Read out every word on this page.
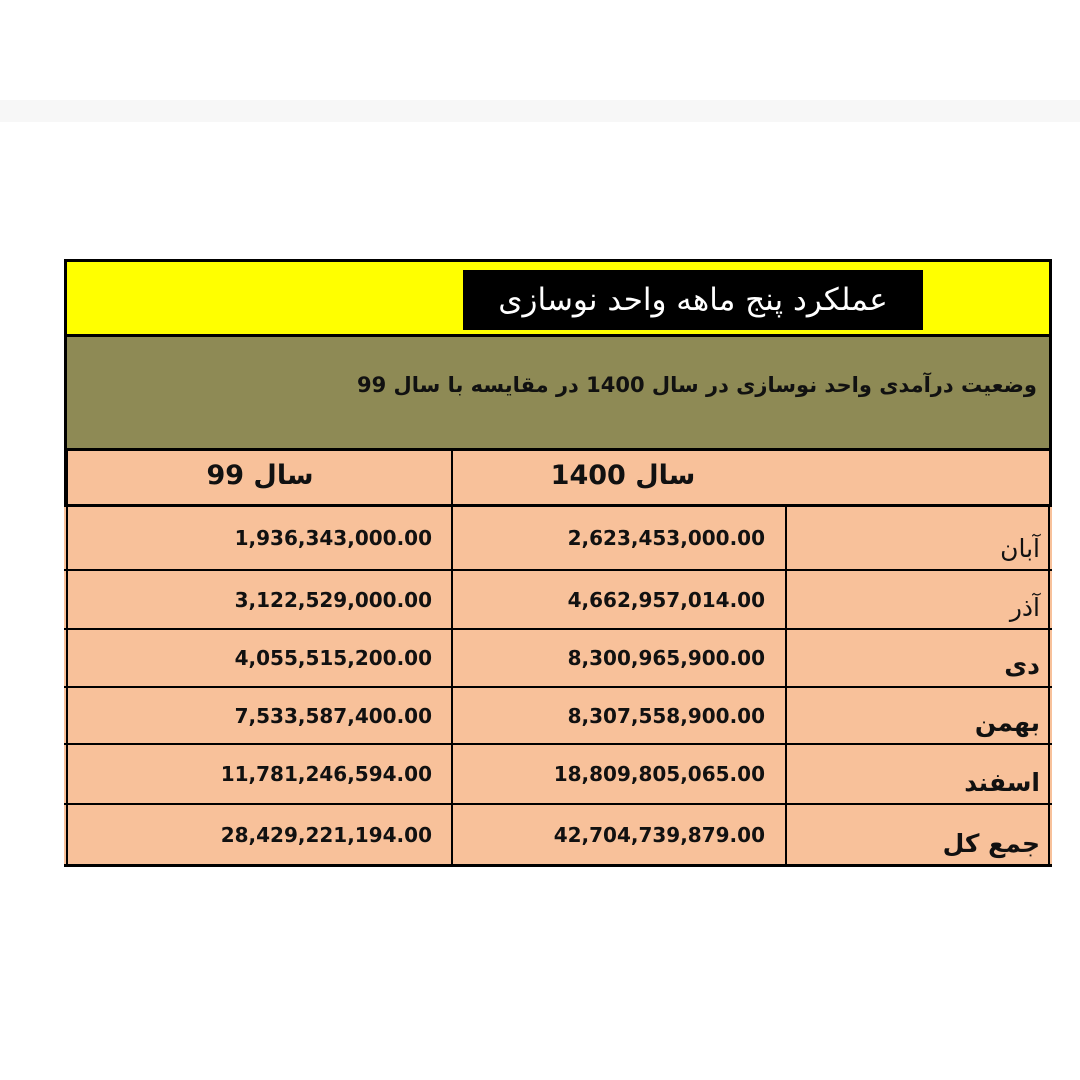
عملکرد پنج ماهه واحد نوسازی
وضعیت درآمدی واحد نوسازی در سال 1400 در مقایسه با سال 99
سال 99	سال 1400
1,936,343,000.00	2,623,453,000.00	آبان
3,122,529,000.00	4,662,957,014.00	آذر
4,055,515,200.00	8,300,965,900.00	دی
7,533,587,400.00	8,307,558,900.00	بهمن
11,781,246,594.00	18,809,805,065.00	اسفند
28,429,221,194.00	42,704,739,879.00	جمع کل
